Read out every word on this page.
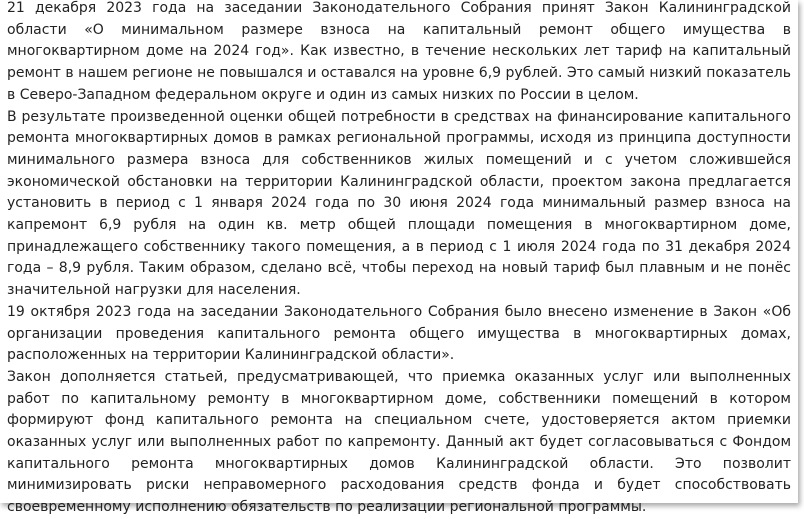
21 декабря 2023 года на заседании Законодательного Собрания принят Закон Калининградской области «О минимальном размере взноса на капитальный ремонт общего имущества в многоквартирном доме на 2024 год». Как известно, в течение нескольких лет тариф на капитальный ремонт в нашем регионе не повышался и оставался на уровне 6,9 рублей. Это самый низкий показатель в Северо-Западном федеральном округе и один из самых низких по России в целом.

В результате произведенной оценки общей потребности в средствах на финансирование капитального ремонта многоквартирных домов в рамках региональной программы, исходя из принципа доступности минимального размера взноса для собственников жилых помещений и с учетом сложившейся экономической обстановки на территории Калининградской области, проектом закона предлагается установить в период с 1 января 2024 года по 30 июня 2024 года минимальный размер взноса на капремонт 6,9 рубля на один кв. метр общей площади помещения в многоквартирном доме, принадлежащего собственнику такого помещения, а в период с 1 июля 2024 года по 31 декабря 2024 года – 8,9 рубля. Таким образом, сделано всё, чтобы переход на новый тариф был плавным и не понёс значительной нагрузки для населения.

19 октября 2023 года на заседании Законодательного Собрания было внесено изменение в Закон «Об организации проведения капитального ремонта общего имущества в многоквартирных домах, расположенных на территории Калининградской области».

Закон дополняется статьей, предусматривающей, что приемка оказанных услуг или выполненных работ по капитальному ремонту в многоквартирном доме, собственники помещений в котором формируют фонд капитального ремонта на специальном счете, удостоверяется актом приемки оказанных услуг или выполненных работ по капремонту. Данный акт будет согласовываться с Фондом капитального ремонта многоквартирных домов Калининградской области. Это позволит минимизировать риски неправомерного расходования средств фонда и будет способствовать своевременному исполнению обязательств по реализации региональной программы.
